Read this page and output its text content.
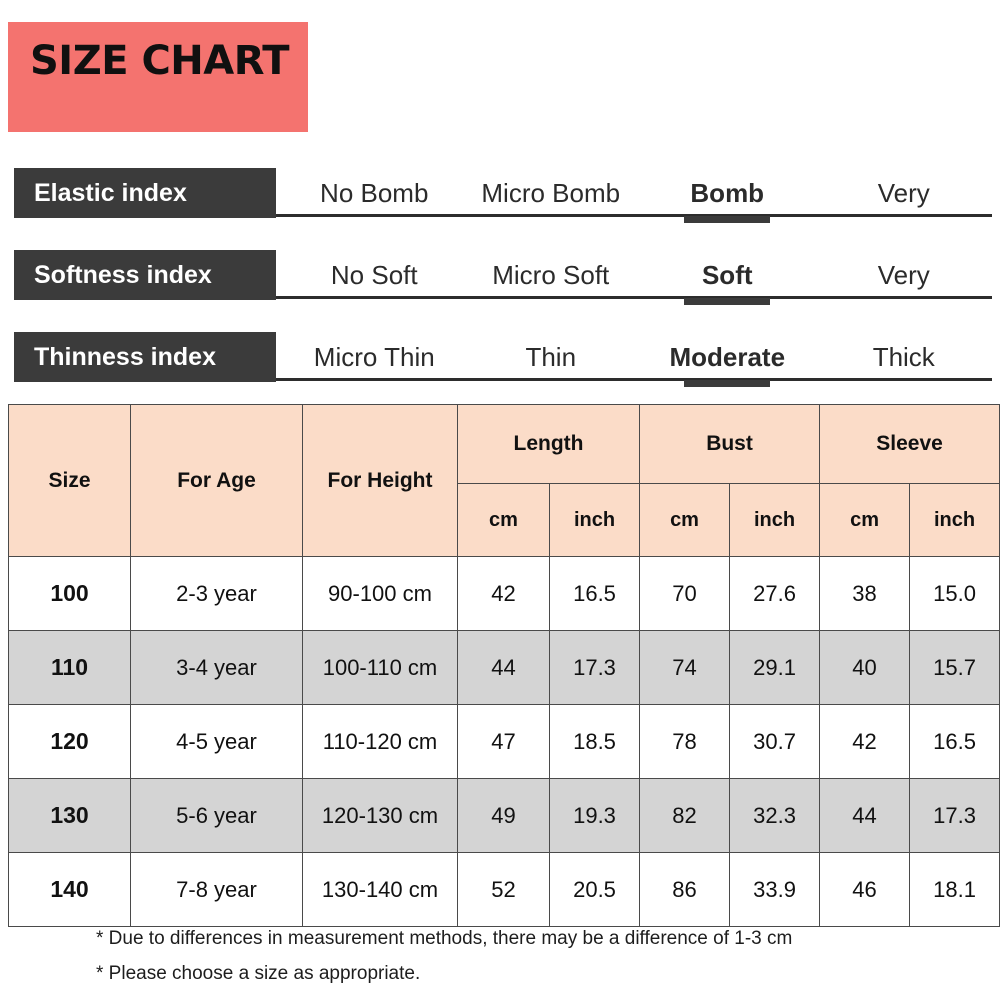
SIZE CHART
Elastic index	No Bomb	Micro Bomb	Bomb	Very
Softness index	No Soft	Micro Soft	Soft	Very
Thinness index	Micro Thin	Thin	Moderate	Thick
Size	For Age	For Height	Length		Bust		Sleeve	
			cm	inch	cm	inch	cm	inch
100	2-3 year	90-100 cm	42	16.5	70	27.6	38	15.0
110	3-4 year	100-110 cm	44	17.3	74	29.1	40	15.7
120	4-5 year	110-120 cm	47	18.5	78	30.7	42	16.5
130	5-6 year	120-130 cm	49	19.3	82	32.3	44	17.3
140	7-8 year	130-140 cm	52	20.5	86	33.9	46	18.1
* Due to differences in measurement methods, there may be a difference of 1-3 cm
* Please choose a size as appropriate.
